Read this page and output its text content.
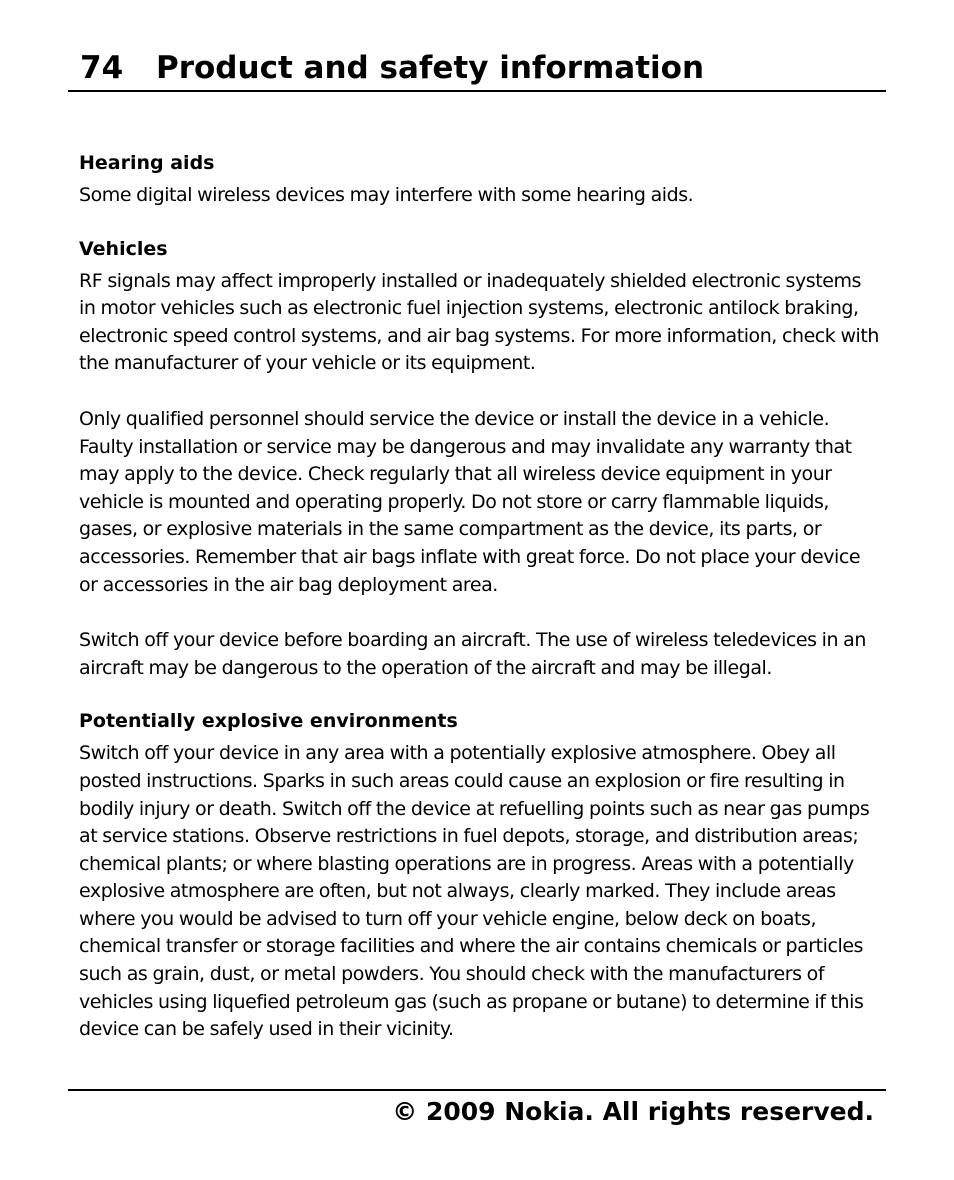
74 Product and safety information
Hearing aids

Some digital wireless devices may interfere with some hearing aids.

Vehicles

RF signals may affect improperly installed or inadequately shielded electronic systems in motor vehicles such as electronic fuel injection systems, electronic antilock braking, electronic speed control systems, and air bag systems. For more information, check with the manufacturer of your vehicle or its equipment.

Only qualified personnel should service the device or install the device in a vehicle. Faulty installation or service may be dangerous and may invalidate any warranty that may apply to the device. Check regularly that all wireless device equipment in your vehicle is mounted and operating properly. Do not store or carry flammable liquids, gases, or explosive materials in the same compartment as the device, its parts, or accessories. Remember that air bags inflate with great force. Do not place your device or accessories in the air bag deployment area.

Switch off your device before boarding an aircraft. The use of wireless teledevices in an aircraft may be dangerous to the operation of the aircraft and may be illegal.

Potentially explosive environments

Switch off your device in any area with a potentially explosive atmosphere. Obey all posted instructions. Sparks in such areas could cause an explosion or fire resulting in bodily injury or death. Switch off the device at refuelling points such as near gas pumps at service stations. Observe restrictions in fuel depots, storage, and distribution areas; chemical plants; or where blasting operations are in progress. Areas with a potentially explosive atmosphere are often, but not always, clearly marked. They include areas where you would be advised to turn off your vehicle engine, below deck on boats, chemical transfer or storage facilities and where the air contains chemicals or particles such as grain, dust, or metal powders. You should check with the manufacturers of vehicles using liquefied petroleum gas (such as propane or butane) to determine if this device can be safely used in their vicinity.

© 2009 Nokia. All rights reserved.
